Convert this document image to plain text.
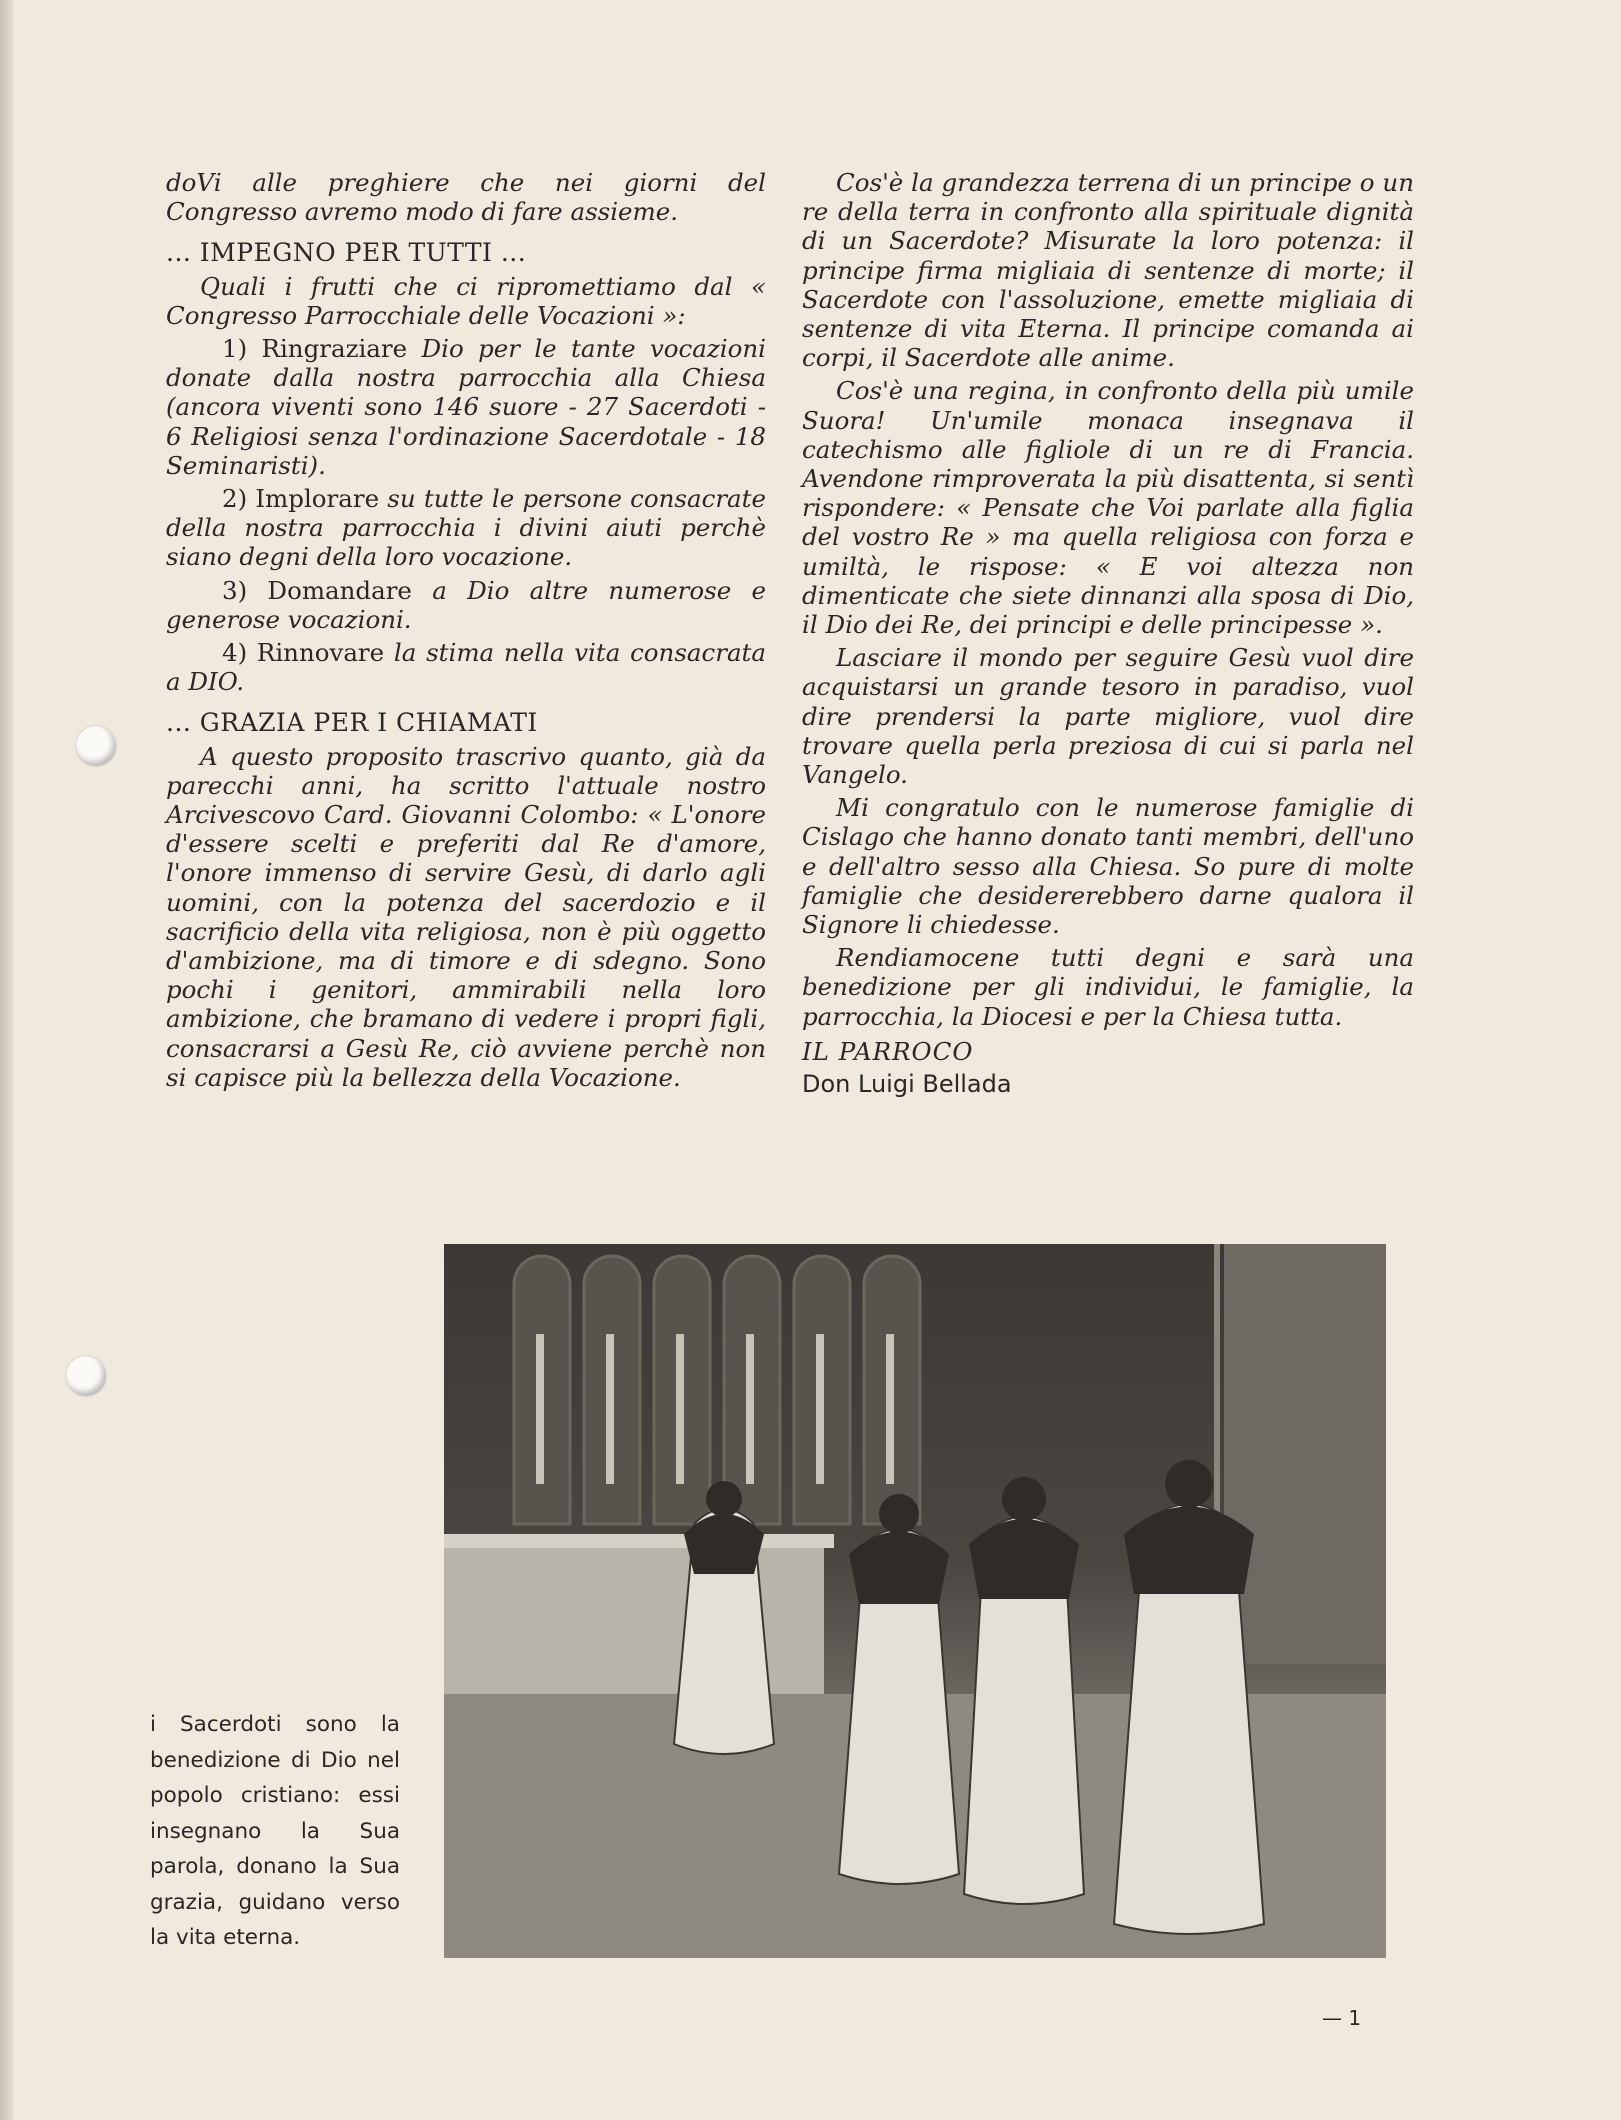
doVi alle preghiere che nei giorni del Congresso avremo modo di fare assieme.

... IMPEGNO PER TUTTI ...

Quali i frutti che ci ripromettiamo dal « Congresso Parrocchiale delle Vocazioni »:

1) Ringraziare Dio per le tante vocazioni donate dalla nostra parrocchia alla Chiesa (ancora viventi sono 146 suore - 27 Sacerdoti - 6 Religiosi senza l'ordinazione Sacerdotale - 18 Seminaristi).

2) Implorare su tutte le persone consacrate della nostra parrocchia i divini aiuti perchè siano degni della loro vocazione.

3) Domandare a Dio altre numerose e generose vocazioni.

4) Rinnovare la stima nella vita consacrata a DIO.

... GRAZIA PER I CHIAMATI

A questo proposito trascrivo quanto, già da parecchi anni, ha scritto l'attuale nostro Arcivescovo Card. Giovanni Colombo: « L'onore d'essere scelti e preferiti dal Re d'amore, l'onore immenso di servire Gesù, di darlo agli uomini, con la potenza del sacerdozio e il sacrificio della vita religiosa, non è più oggetto d'ambizione, ma di timore e di sdegno. Sono pochi i genitori, ammirabili nella loro ambizione, che bramano di vedere i propri figli, consacrarsi a Gesù Re, ciò avviene perchè non si capisce più la bellezza della Vocazione.

Cos'è la grandezza terrena di un principe o un re della terra in confronto alla spirituale dignità di un Sacerdote? Misurate la loro potenza: il principe firma migliaia di sentenze di morte; il Sacerdote con l'assoluzione, emette migliaia di sentenze di vita Eterna. Il principe comanda ai corpi, il Sacerdote alle anime.

Cos'è una regina, in confronto della più umile Suora! Un'umile monaca insegnava il catechismo alle figliole di un re di Francia. Avendone rimproverata la più disattenta, si sentì rispondere: « Pensate che Voi parlate alla figlia del vostro Re » ma quella religiosa con forza e umiltà, le rispose: « E voi altezza non dimenticate che siete dinnanzi alla sposa di Dio, il Dio dei Re, dei principi e delle principesse ».

Lasciare il mondo per seguire Gesù vuol dire acquistarsi un grande tesoro in paradiso, vuol dire prendersi la parte migliore, vuol dire trovare quella perla preziosa di cui si parla nel Vangelo.

Mi congratulo con le numerose famiglie di Cislago che hanno donato tanti membri, dell'uno e dell'altro sesso alla Chiesa. So pure di molte famiglie che desidererebbero darne qualora il Signore li chiedesse.

Rendiamocene tutti degni e sarà una benedizione per gli individui, le famiglie, la parrocchia, la Diocesi e per la Chiesa tutta.

IL PARROCO

Don Luigi Bellada

i Sacerdoti sono la benedizione di Dio nel popolo cristiano: essi insegnano la Sua parola, donano la Sua grazia, guidano verso la vita eterna.
— 1
